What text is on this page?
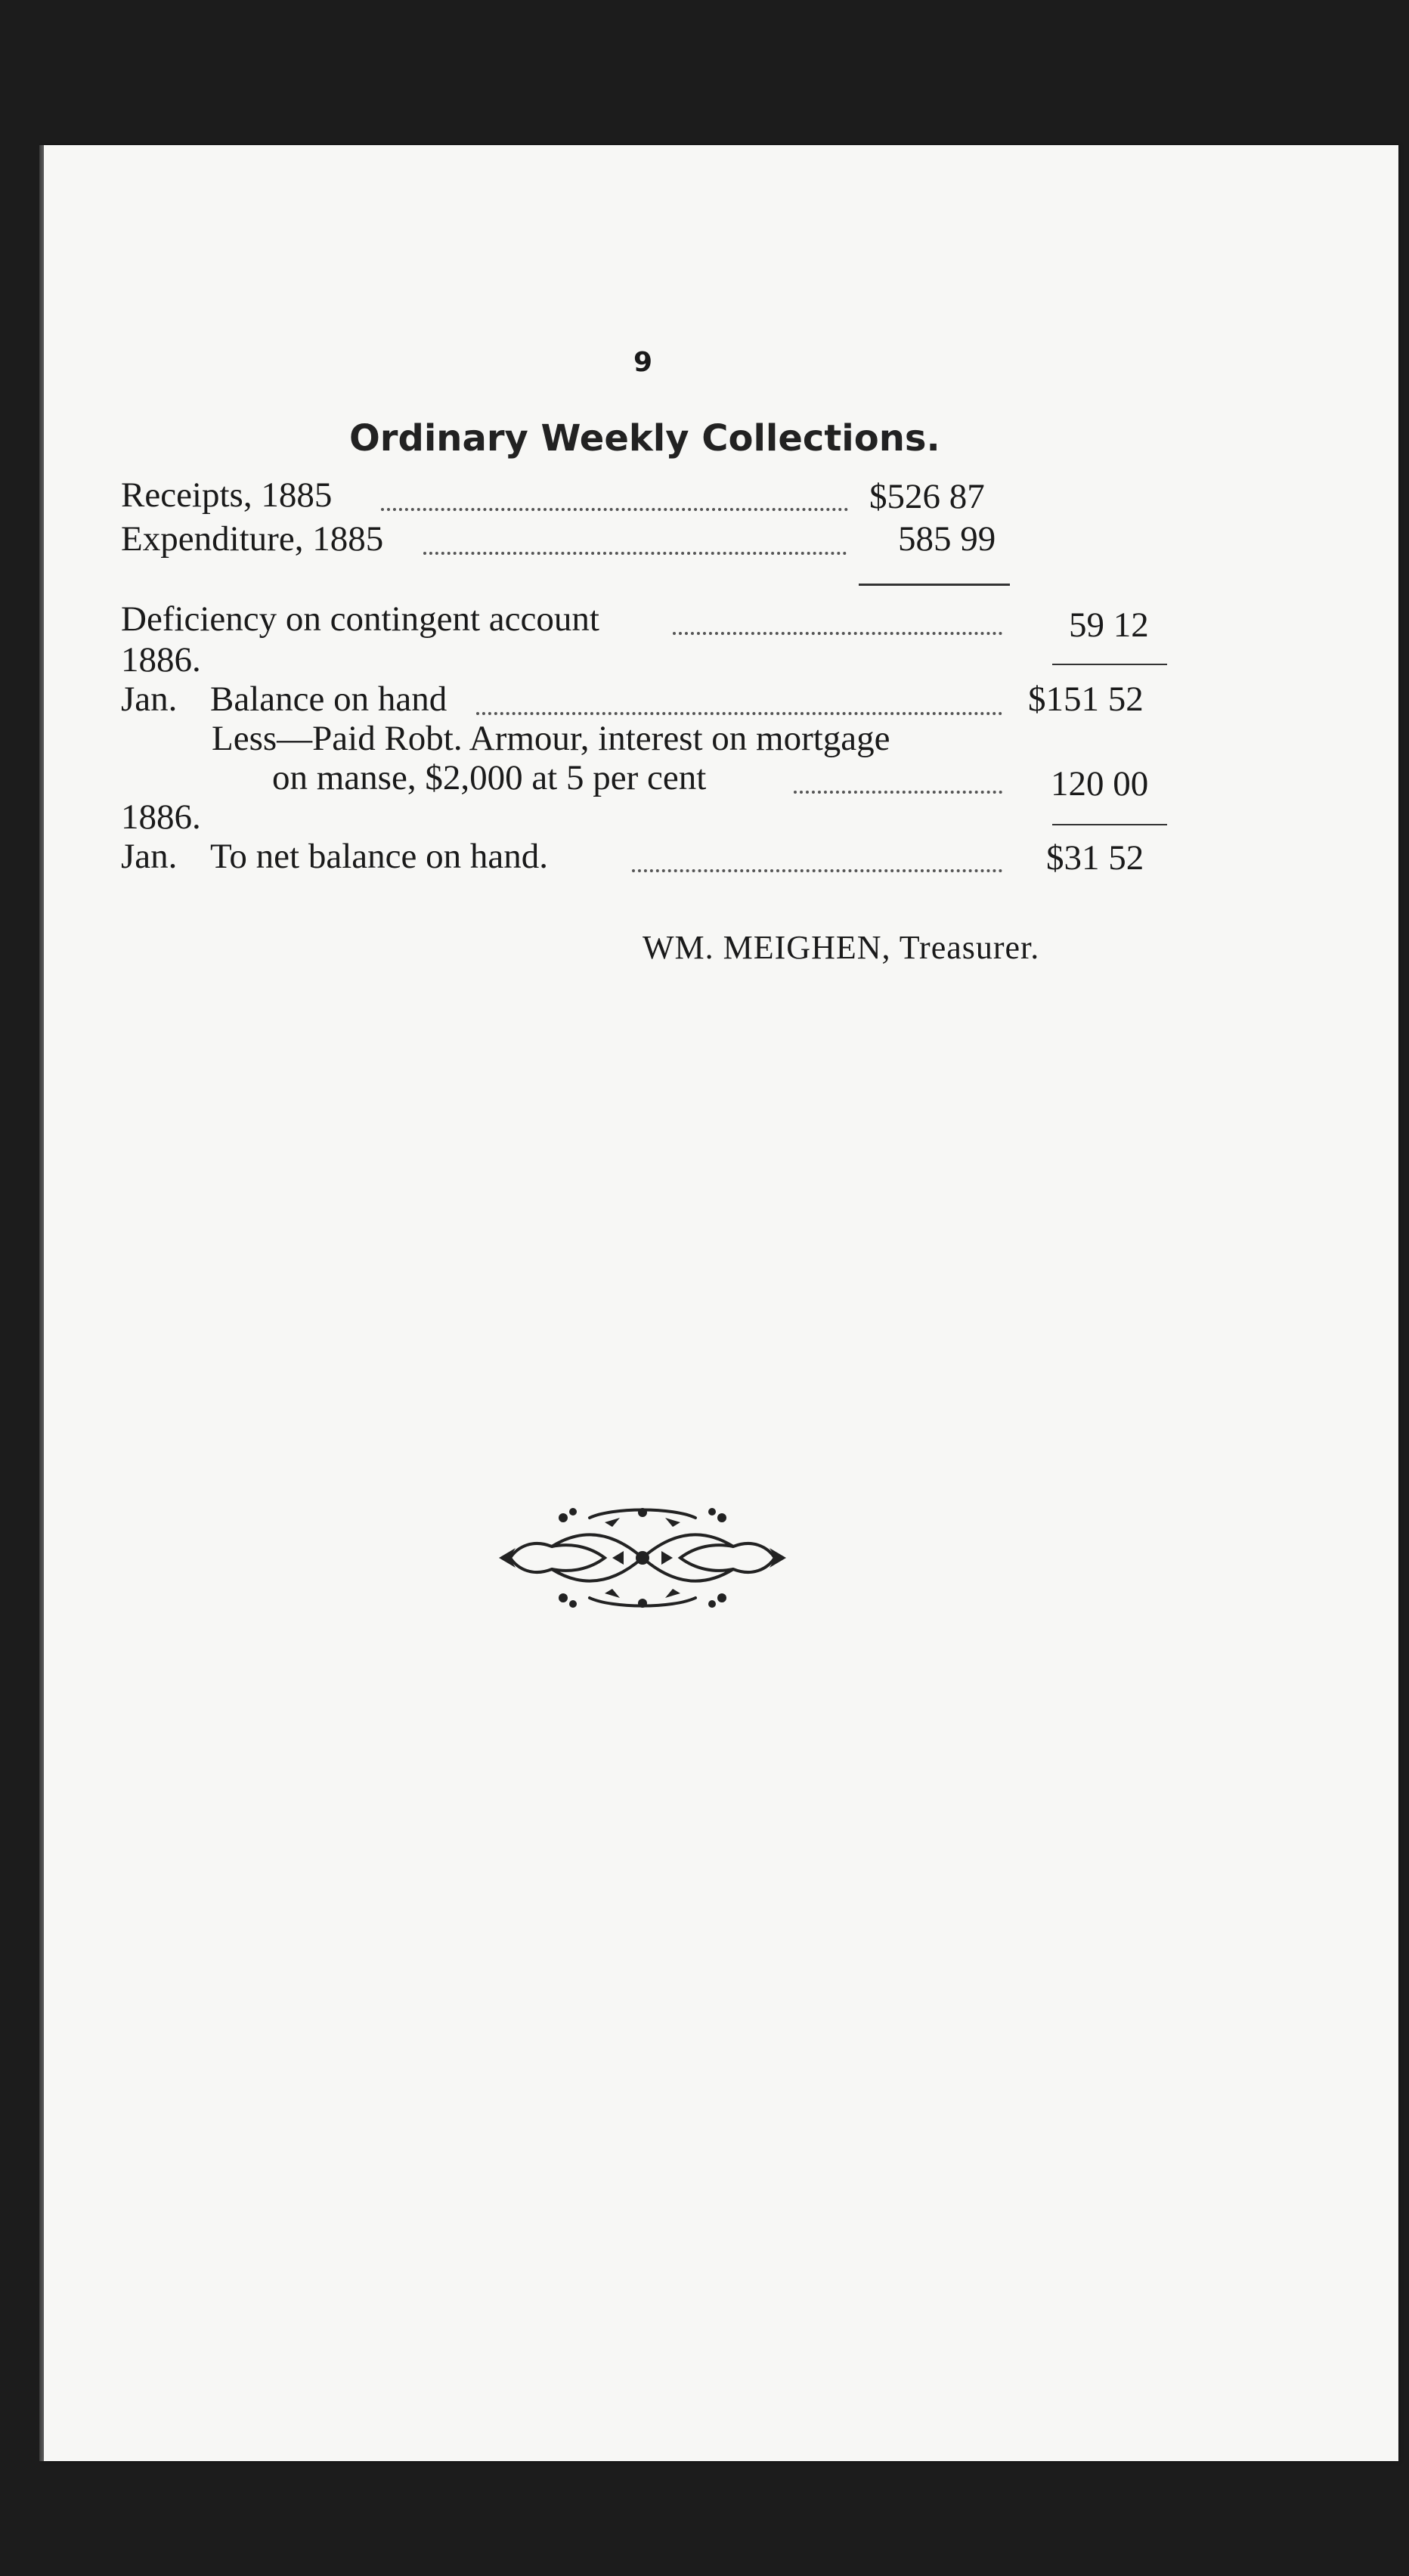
9

Ordinary Weekly Collections.
Receipts, 1885	$526 87
Expenditure, 1885	585 99
Deficiency on contingent account	59 12
1886.
Jan. Balance on hand	$151 52
Less—Paid Robt. Armour, interest on mortgage
on manse, $2,000 at 5 per cent	120 00
1886.
Jan. To net balance on hand.	$31 52

WM. MEIGHEN, Treasurer.
